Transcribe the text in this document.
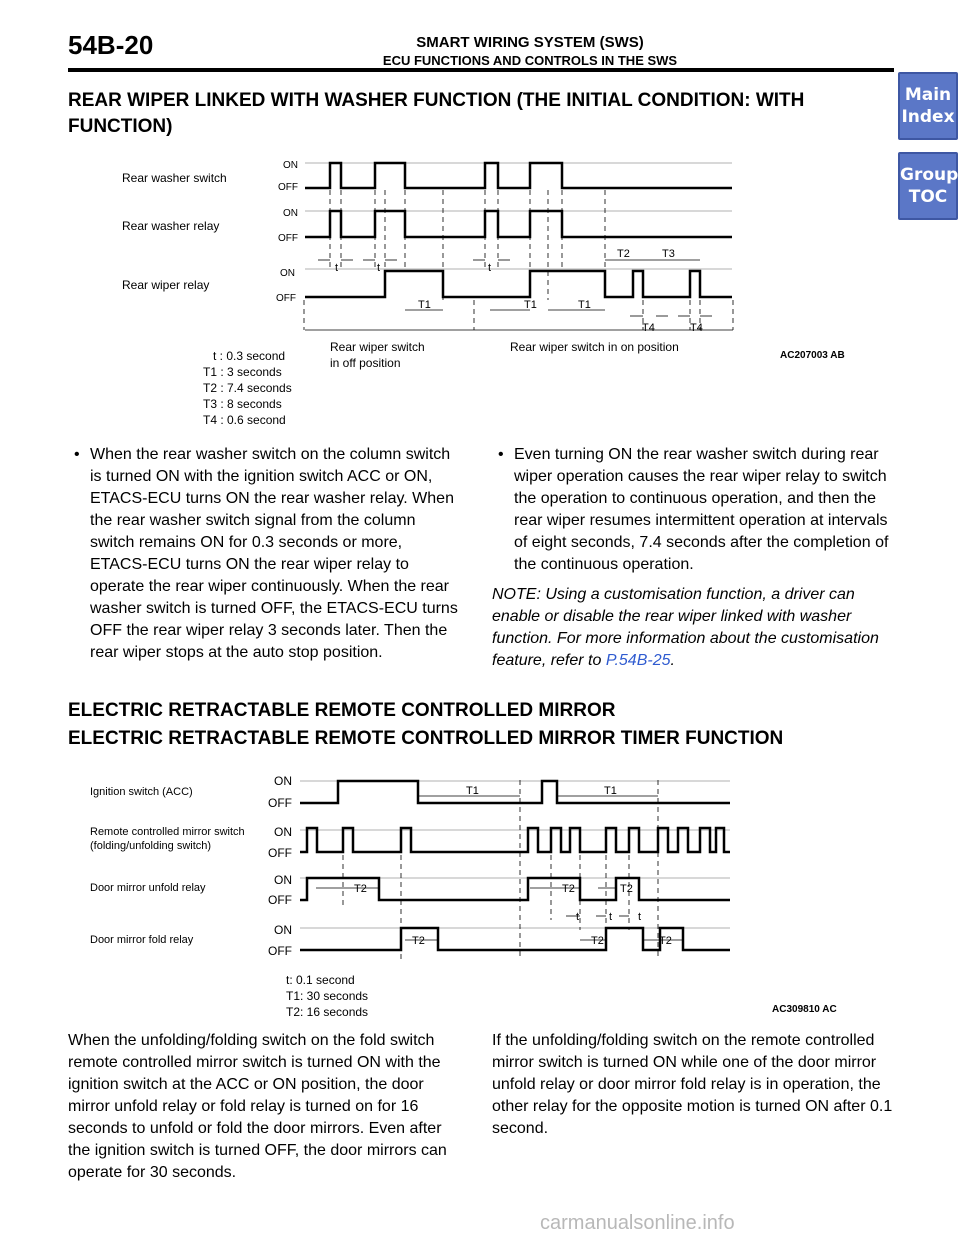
54B-20	SMART WIRING SYSTEM (SWS)
ECU FUNCTIONS AND CONTROLS IN THE SWS
Main
Index
Group
TOC
REAR WIPER LINKED WITH WASHER FUNCTION (THE INITIAL CONDITION: WITH FUNCTION)
Rear washer switch
Rear washer relay
Rear wiper relay
ON
OFF
ON
OFF
ON
OFF
t	t	t
T2	T3
T1	T1	T1
T4	T4
Rear wiper switch
in off position
Rear wiper switch in on position
AC207003 AB
t : 0.3 second
T1 : 3 seconds
T2 : 7.4 seconds
T3 : 8 seconds
T4 : 0.6 second
• When the rear washer switch on the column switch is turned ON with the ignition switch ACC or ON, ETACS-ECU turns ON the rear washer relay. When the rear washer switch signal from the column switch remains ON for 0.3 seconds or more, ETACS-ECU turns ON the rear wiper relay to operate the rear wiper continuously. When the rear washer switch is turned OFF, the ETACS-ECU turns OFF the rear wiper relay 3 seconds later. Then the rear wiper stops at the auto stop position.
• Even turning ON the rear washer switch during rear wiper operation causes the rear wiper relay to switch the operation to continuous operation, and then the rear wiper resumes intermittent operation at intervals of eight seconds, 7.4 seconds after the completion of the continuous operation.
NOTE: Using a customisation function, a driver can enable or disable the rear wiper linked with washer function. For more information about the customisation feature, refer to P.54B-25.
ELECTRIC RETRACTABLE REMOTE CONTROLLED MIRROR
ELECTRIC RETRACTABLE REMOTE CONTROLLED MIRROR TIMER FUNCTION
Ignition switch (ACC)
Remote controlled mirror switch
(folding/unfolding switch)
Door mirror unfold relay
Door mirror fold relay
ON
OFF
ON
OFF
ON
OFF
ON
OFF
T1	T1
T2	T2	T2
T2	T2	T2
t	t t
t: 0.1 second
T1: 30 seconds
T2: 16 seconds	AC309810 AC
When the unfolding/folding switch on the fold switch remote controlled mirror switch is turned ON with the ignition switch at the ACC or ON position, the door mirror unfold relay or fold relay is turned on for 16 seconds to unfold or fold the door mirrors. Even after the ignition switch is turned OFF, the door mirrors can operate for 30 seconds.
If the unfolding/folding switch on the remote controlled mirror switch is turned ON while one of the door mirror unfold relay or door mirror fold relay is in operation, the other relay for the opposite motion is turned ON after 0.1 second.
carmanualsonline.info
